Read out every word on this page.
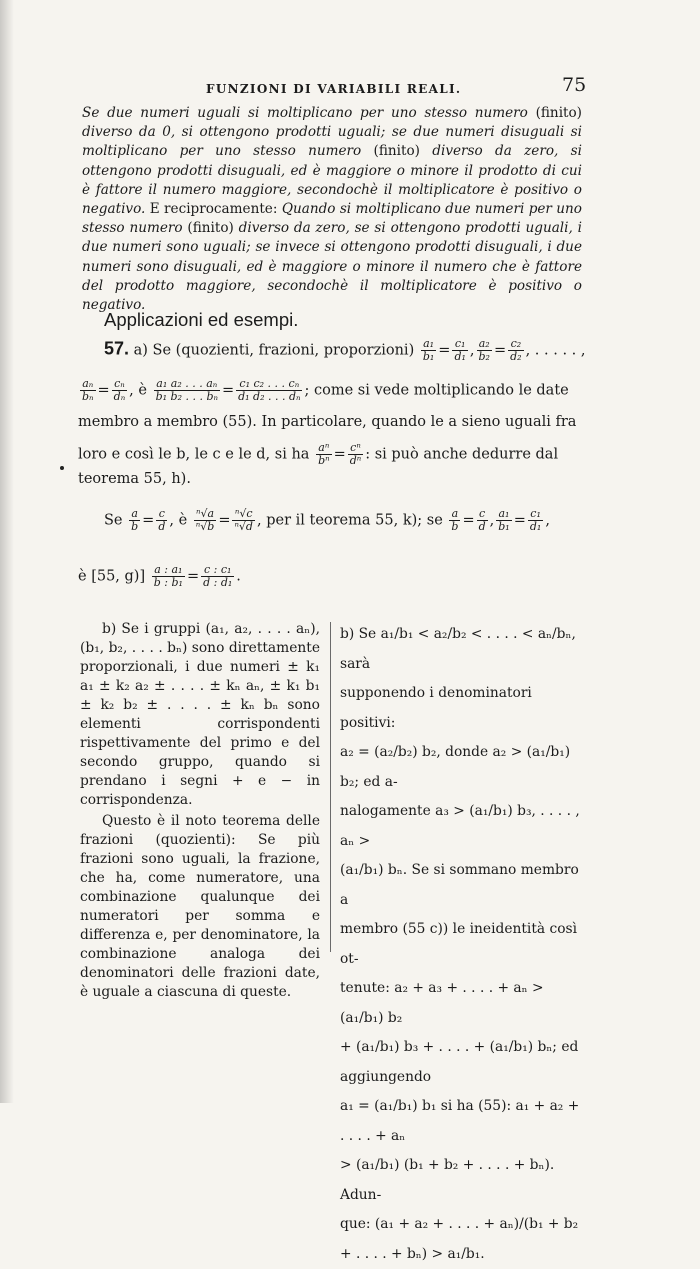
FUNZIONI DI VARIABILI REALI.	75
Se due numeri uguali si moltiplicano per uno stesso numero (finito) diverso da 0, si ottengono prodotti uguali; se due numeri disuguali si moltiplicano per uno stesso numero (finito) diverso da zero, si ottengono prodotti disuguali, ed è maggiore o minore il prodotto di cui è fattore il numero maggiore, secondochè il moltiplicatore è positivo o negativo. E reciprocamente: Quando si moltiplicano due numeri per uno stesso numero (finito) diverso da zero, se si ottengono prodotti uguali, i due numeri sono uguali; se invece si ottengono prodotti disuguali, i due numeri sono disuguali, ed è maggiore o minore il numero che è fattore del prodotto maggiore, secondochè il moltiplicatore è positivo o negativo.
Applicazioni ed esempi.
57. a) Se (quozienti, frazioni, proporzioni) $\frac{\text{a₁}}{\text{b₁}} = \frac{\text{c₁}}{\text{d₁}}$ , $\frac{\text{a₂}}{\text{b₂}} = \frac{\text{c₂}}{\text{d₂}}$ , . . . . . ,
$\frac{\text{aₙ}}{\text{bₙ}} = \frac{\text{cₙ}}{\text{dₙ}}$ , è $\frac{\text{a₁ a₂ . . . aₙ}}{\text{b₁ b₂ . . . bₙ}} = \frac{\text{c₁ c₂ . . . cₙ}}{\text{d₁ d₂ . . . dₙ}}$ ; come si vede moltiplicando le date
membro a membro (55). In particolare, quando le a sieno uguali fra
loro e così le b, le c e le d, si ha $\frac{\text{aⁿ}}{\text{bⁿ}} = \frac{\text{cⁿ}}{\text{dⁿ}}$ : si può anche dedurre dal
teorema 55, h).
Se $\frac{a}{b} = \frac{c}{d}$ , è $\frac{\text{ⁿ√a}}{\text{ⁿ√b}} = \frac{\text{ⁿ√c}}{\text{ⁿ√d}}$ , per il teorema 55, k); se $\frac{a}{b} = \frac{c}{d}$ , $\frac{\text{a₁}}{\text{b₁}} = \frac{\text{c₁}}{\text{d₁}}$ ,
è [55, $g)] \frac{\text{a : a₁}}{\text{b : b₁}} = \frac{\text{c : c₁}}{\text{d : d₁}}$ .

b) Se i gruppi (a₁, a₂, . . . . aₙ), (b₁, b₂, . . . . bₙ) sono direttamente proporzionali, i due numeri ± k₁ a₁ ± k₂ a₂ ± . . . . ± kₙ aₙ, ± k₁ b₁ ± k₂ b₂ ± . . . . ± kₙ bₙ sono elementi corrispondenti rispettivamente del primo e del secondo gruppo, quando si prendano i segni + e − in corrispondenza.

Questo è il noto teorema delle frazioni (quozienti): Se più frazioni sono uguali, la frazione, che ha, come numeratore, una combinazione qualunque dei numeratori per somma e differenza e, per denominatore, la combinazione analoga dei denominatori delle frazioni date, è uguale a ciascuna di queste.

b) Se a₁/b₁ < a₂/b₂ < . . . . < aₙ/bₙ, sarà
supponendo i denominatori positivi:
a₂ = (a₂/b₂) b₂, donde a₂ > (a₁/b₁) b₂; ed a-
nalogamente a₃ > (a₁/b₁) b₃, . . . . , aₙ >
(a₁/b₁) bₙ. Se si sommano membro a
membro (55 c)) le ineidentità così ot-
tenute: a₂ + a₃ + . . . . + aₙ > (a₁/b₁) b₂
+ (a₁/b₁) b₃ + . . . . + (a₁/b₁) bₙ; ed aggiungendo
a₁ = (a₁/b₁) b₁ si ha (55): a₁ + a₂ + . . . . + aₙ
> (a₁/b₁) (b₁ + b₂ + . . . . + bₙ). Adun-
que: (a₁ + a₂ + . . . . + aₙ)/(b₁ + b₂ + . . . . + bₙ) > a₁/b₁.
